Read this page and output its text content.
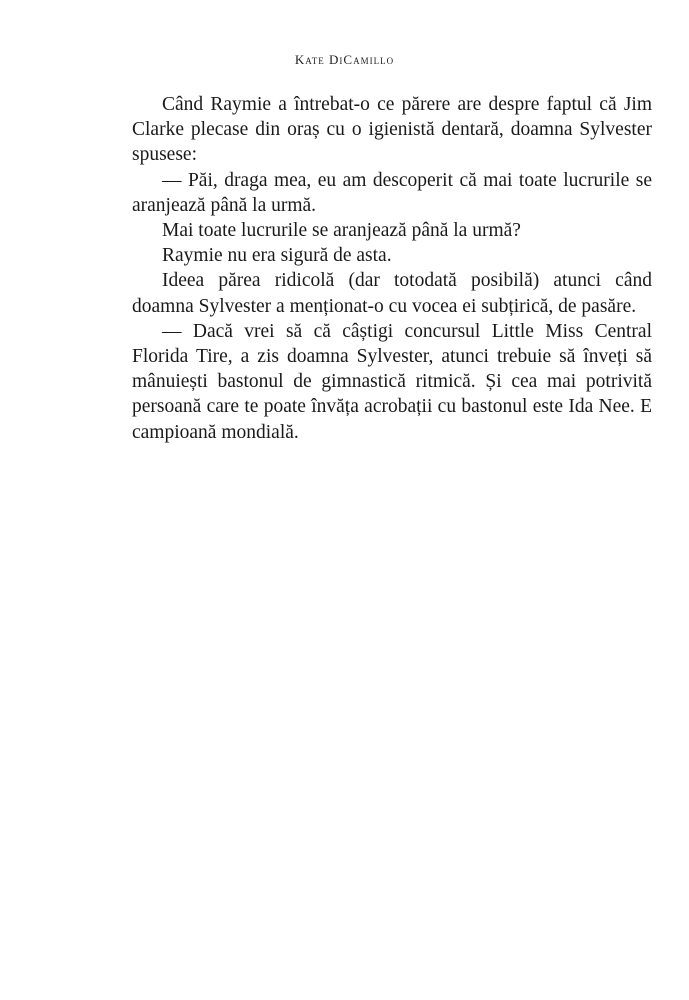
Kate DiCamillo

Când Raymie a întrebat-o ce părere are despre faptul că Jim Clarke plecase din oraș cu o igienistă dentară, doamna Sylvester spusese:

— Păi, draga mea, eu am descoperit că mai toate lucrurile se aranjează până la urmă.

Mai toate lucrurile se aranjează până la urmă?

Raymie nu era sigură de asta.

Ideea părea ridicolă (dar totodată posibilă) atunci când doamna Sylvester a menționat-o cu vocea ei subțirică, de pasăre.

— Dacă vrei să că câștigi concursul Little Miss Central Florida Tire, a zis doamna Sylvester, atunci trebuie să înveți să mânuiești bastonul de gimnastică ritmică. Și cea mai potrivită persoană care te poate învăța acrobații cu bastonul este Ida Nee. E campioană mondială.
